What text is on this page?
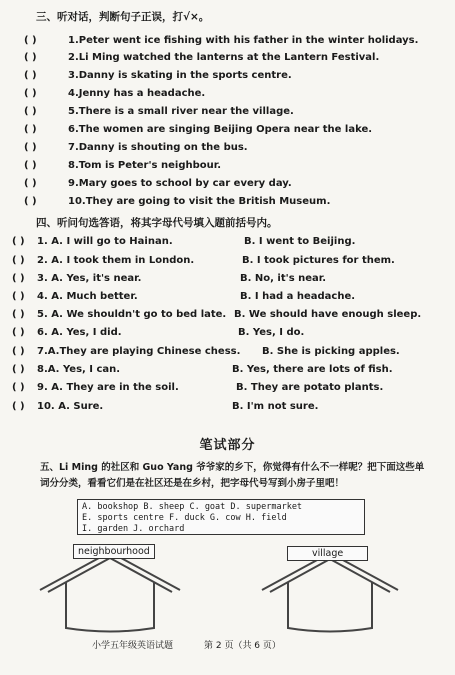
三、听对话，判断句子正误，打√×。
( )	1.Peter went ice fishing with his father in the winter holidays.
( )	2.Li Ming watched the lanterns at the Lantern Festival.
( )	3.Danny is skating in the sports centre.
( )	4.Jenny has a headache.
( )	5.There is a small river near the village.
( )	6.The women are singing Beijing Opera near the lake.
( )	7.Danny is shouting on the bus.
( )	8.Tom is Peter's neighbour.
( )	9.Mary goes to school by car every day.
( )	10.They are going to visit the British Museum.
四、听问句选答语，将其字母代号填入题前括号内。
( ) 1. A. I will go to Hainan.	B. I went to Beijing.
( ) 2. A. I took them in London.	B. I took pictures for them.
( ) 3. A. Yes, it's near.	B. No, it's near.
( ) 4. A. Much better.	B. I had a headache.
( ) 5. A. We shouldn't go to bed late. B. We should have enough sleep.
( ) 6. A. Yes, I did.	B. Yes, I do.
( ) 7.A.They are playing Chinese chess. B. She is picking apples.
( ) 8.A. Yes, I can.	B. Yes, there are lots of fish.
( ) 9. A. They are in the soil.	B. They are potato plants.
( ) 10. A. Sure.	B. I'm not sure.
笔试部分
五、Li Ming 的社区和 Guo Yang 爷爷家的乡下，你觉得有什么不一样呢？把下面这些单
词分分类，看看它们是在社区还是在乡村，把字母代号写到小房子里吧！
A. bookshop B. sheep C. goat D. supermarket
E. sports centre F. duck G. cow H. field
I. garden J. orchard
neighbourhood	village
小学五年级英语试题	第 2 页（共 6 页）
